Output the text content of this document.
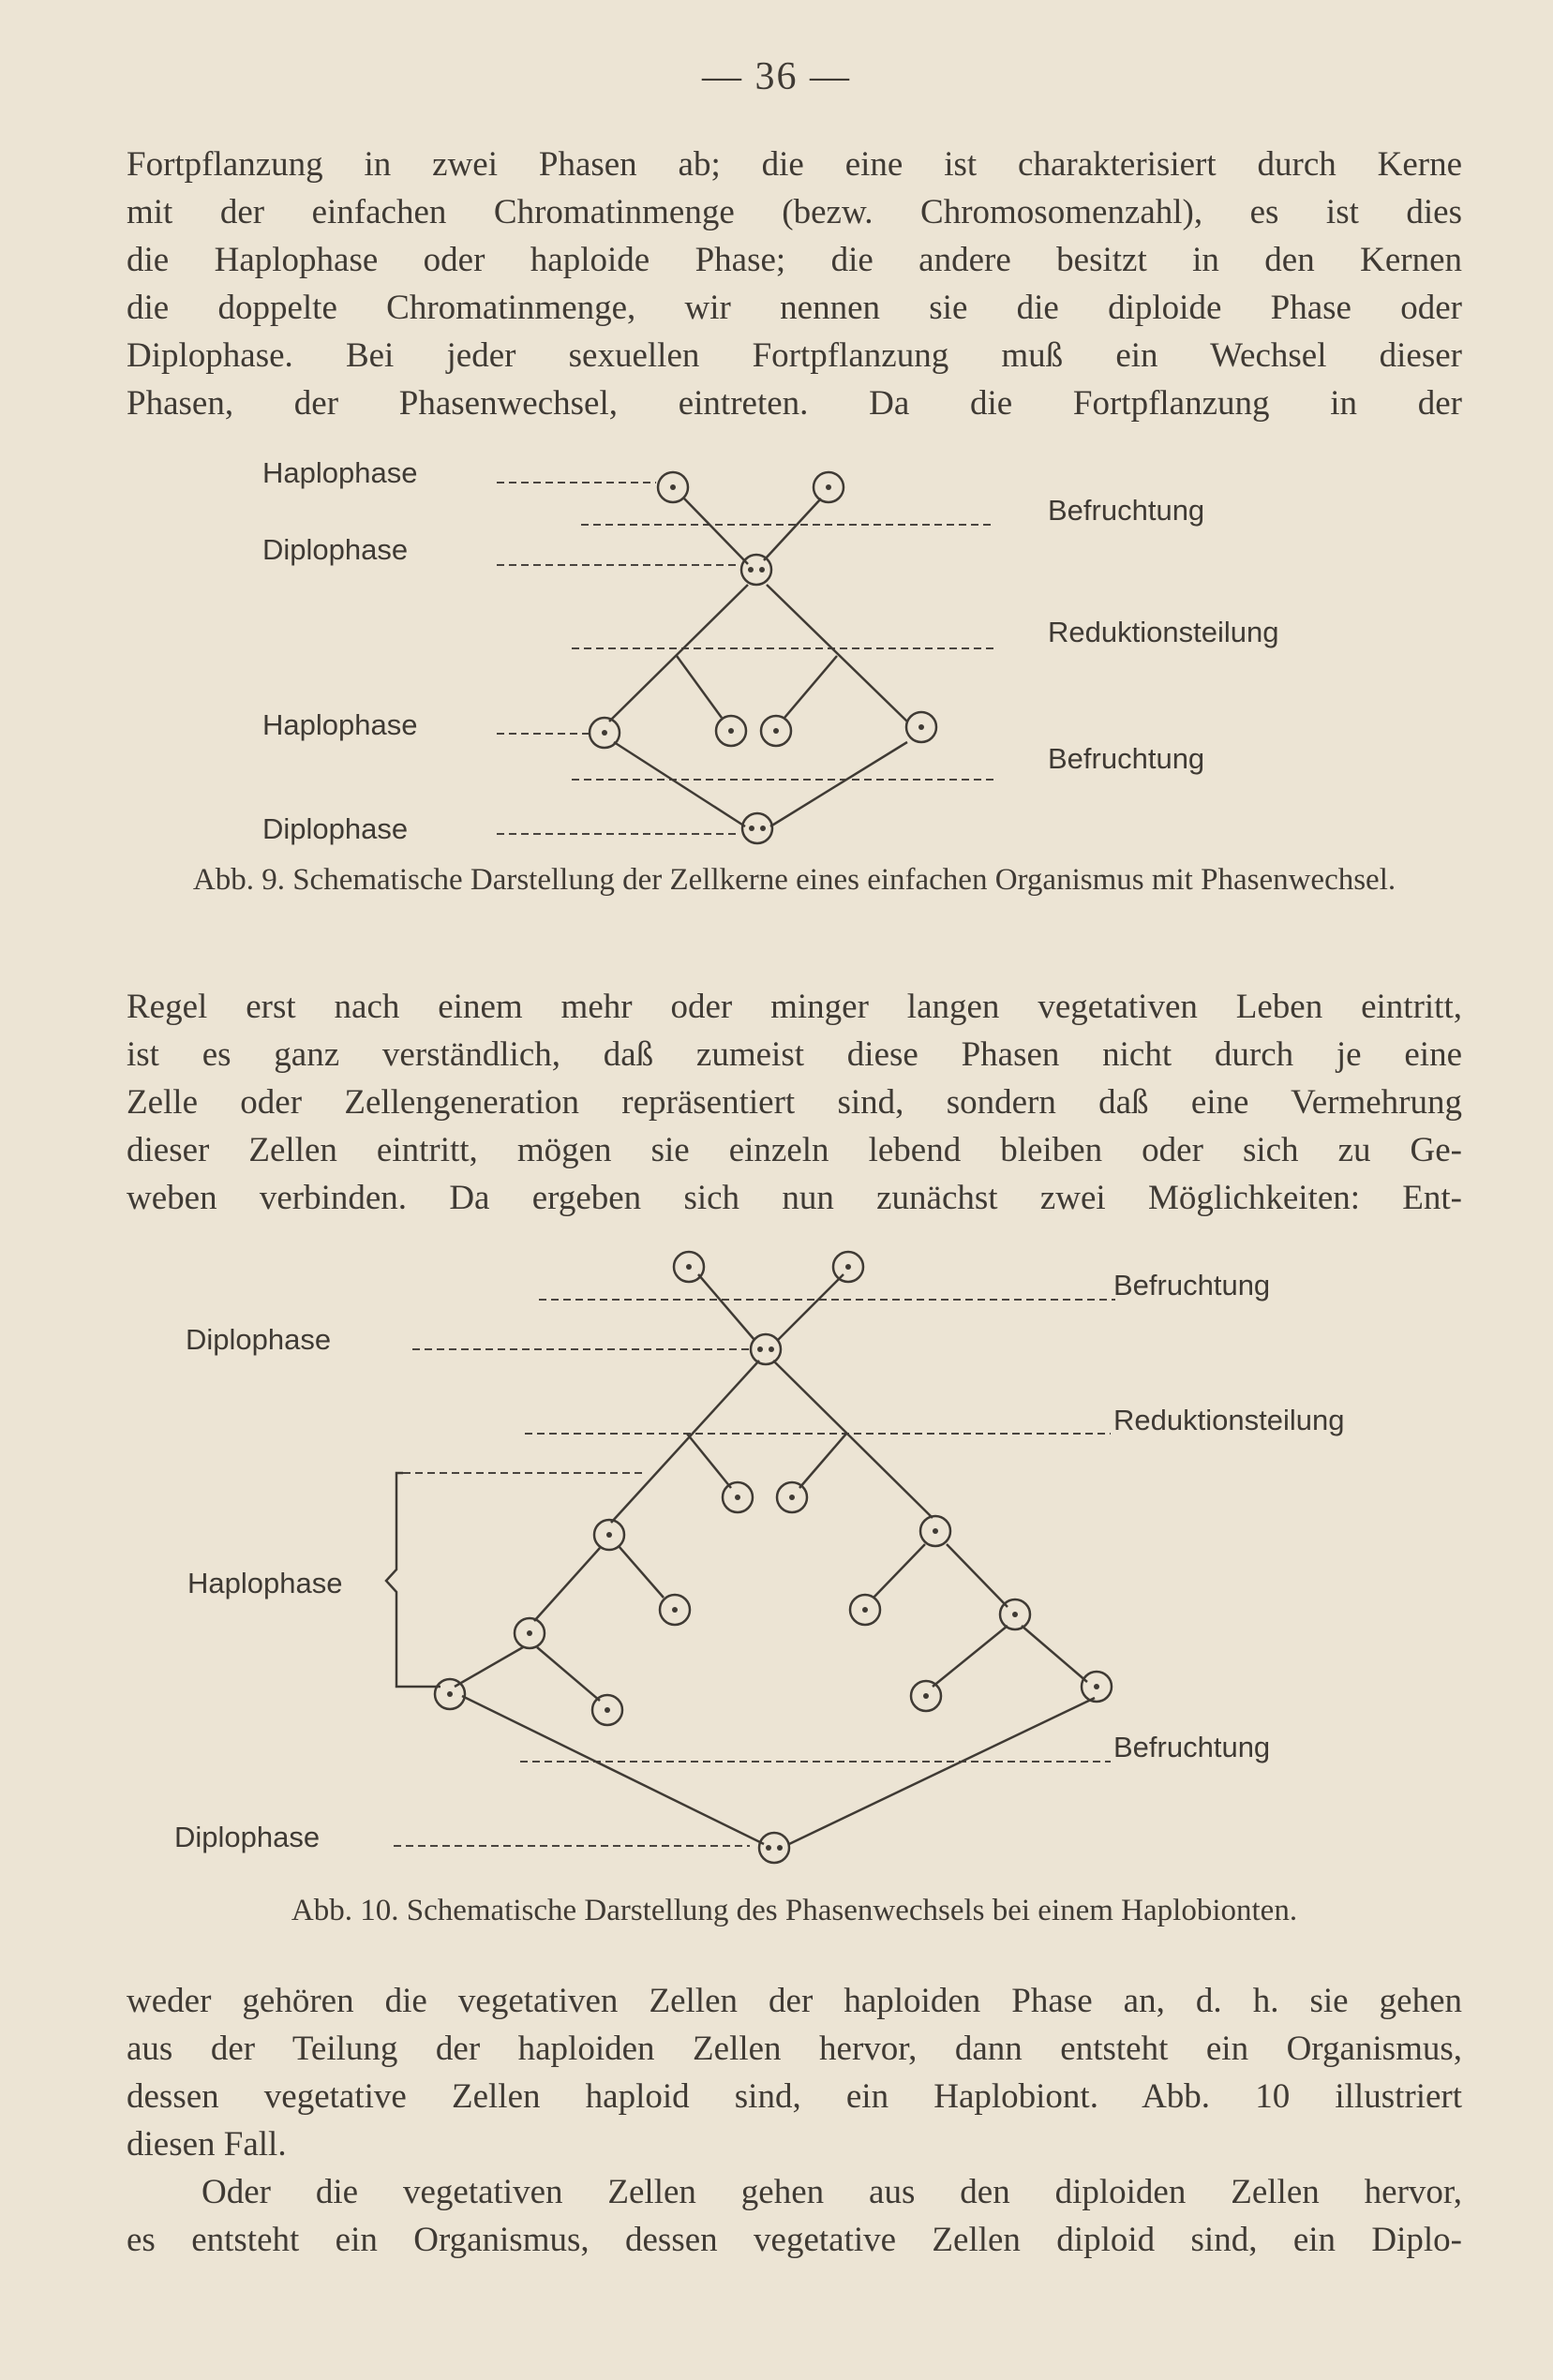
— 36 —
Fortpflanzung in zwei Phasen ab; die eine ist charakterisiert durch Kerne
mit der einfachen Chromatinmenge (bezw. Chromosomenzahl), es ist dies
die Haplophase oder haploide Phase; die andere besitzt in den Kernen
die doppelte Chromatinmenge, wir nennen sie die diploide Phase oder
Diplophase. Bei jeder sexuellen Fortpflanzung muß ein Wechsel dieser
Phasen, der Phasenwechsel, eintreten. Da die Fortpflanzung in der
Haplophase
Diplophase
Haplophase
Diplophase
Befruchtung
Reduktionsteilung
Befruchtung
Abb. 9. Schematische Darstellung der Zellkerne eines einfachen Organismus mit Phasenwechsel.
Regel erst nach einem mehr oder minger langen vegetativen Leben eintritt,
ist es ganz verständlich, daß zumeist diese Phasen nicht durch je eine
Zelle oder Zellengeneration repräsentiert sind, sondern daß eine Vermehrung
dieser Zellen eintritt, mögen sie einzeln lebend bleiben oder sich zu Ge-
weben verbinden. Da ergeben sich nun zunächst zwei Möglichkeiten: Ent-
Diplophase
Haplophase
Diplophase
Befruchtung
Reduktionsteilung
Befruchtung
Abb. 10. Schematische Darstellung des Phasenwechsels bei einem Haplobionten.
weder gehören die vegetativen Zellen der haploiden Phase an, d. h. sie gehen
aus der Teilung der haploiden Zellen hervor, dann entsteht ein Organismus,
dessen vegetative Zellen haploid sind, ein Haplobiont. Abb. 10 illustriert
diesen Fall.
Oder die vegetativen Zellen gehen aus den diploiden Zellen hervor,
es entsteht ein Organismus, dessen vegetative Zellen diploid sind, ein Diplo-
